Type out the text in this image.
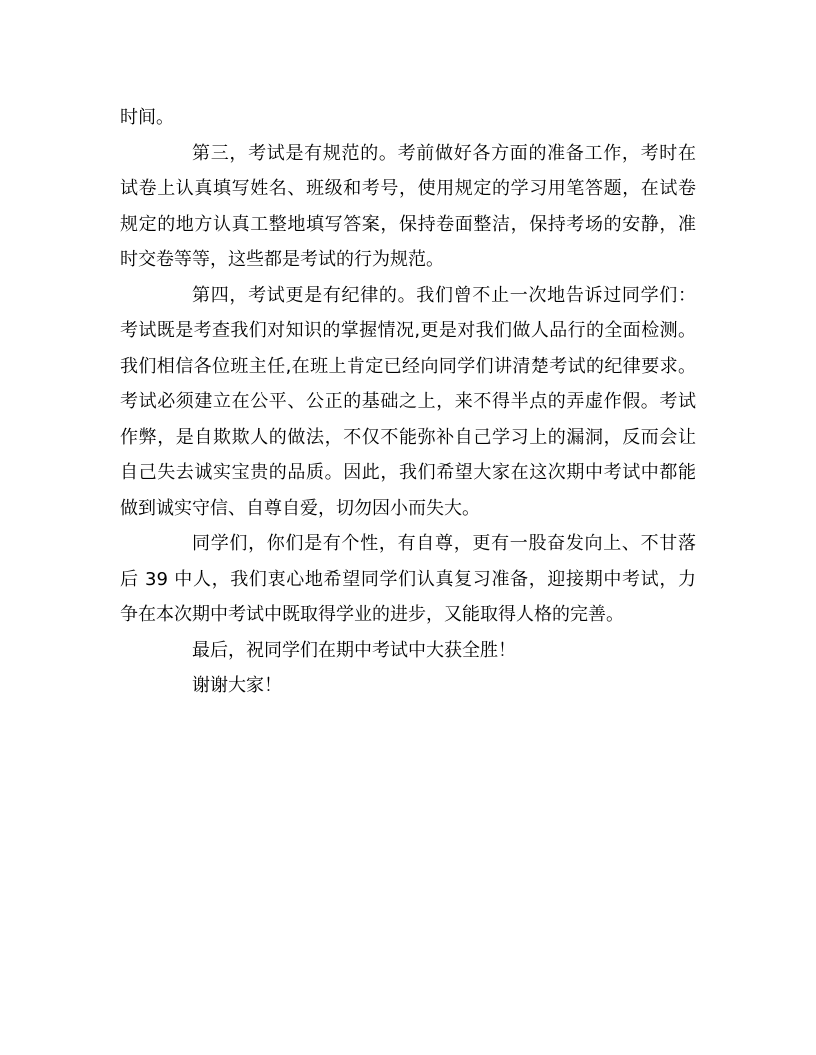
时间。
第三，考试是有规范的。考前做好各方面的准备工作，考时在
试卷上认真填写姓名、班级和考号，使用规定的学习用笔答题，在试卷
规定的地方认真工整地填写答案，保持卷面整洁，保持考场的安静，准
时交卷等等，这些都是考试的行为规范。
第四，考试更是有纪律的。我们曾不止一次地告诉过同学们：
考试既是考查我们对知识的掌握情况,更是对我们做人品行的全面检测。
我们相信各位班主任,在班上肯定已经向同学们讲清楚考试的纪律要求。
考试必须建立在公平、公正的基础之上，来不得半点的弄虚作假。考试
作弊，是自欺欺人的做法，不仅不能弥补自己学习上的漏洞，反而会让
自己失去诚实宝贵的品质。因此，我们希望大家在这次期中考试中都能
做到诚实守信、自尊自爱，切勿因小而失大。
同学们，你们是有个性，有自尊，更有一股奋发向上、不甘落
后 39 中人，我们衷心地希望同学们认真复习准备，迎接期中考试，力
争在本次期中考试中既取得学业的进步，又能取得人格的完善。
最后，祝同学们在期中考试中大获全胜！
谢谢大家！
